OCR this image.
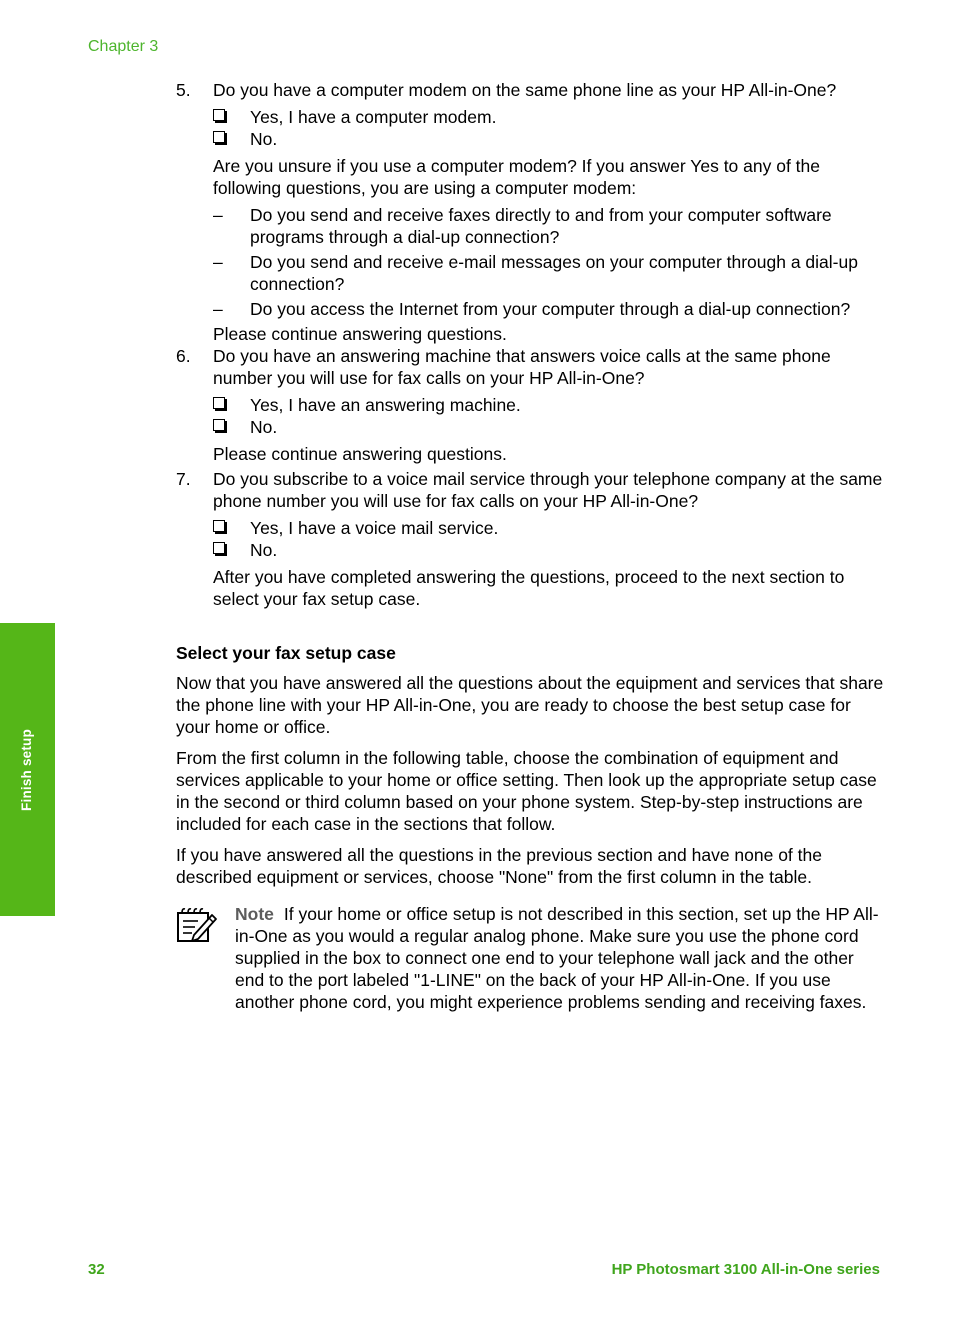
Chapter 3
Finish setup
5. Do you have a computer modem on the same phone line as your HP All-in-One?
Yes, I have a computer modem.
No.
Are you unsure if you use a computer modem? If you answer Yes to any of the following questions, you are using a computer modem:
– Do you send and receive faxes directly to and from your computer software programs through a dial-up connection?
– Do you send and receive e-mail messages on your computer through a dial-up connection?
– Do you access the Internet from your computer through a dial-up connection?
Please continue answering questions.
6. Do you have an answering machine that answers voice calls at the same phone number you will use for fax calls on your HP All-in-One?
Yes, I have an answering machine.
No.
Please continue answering questions.
7. Do you subscribe to a voice mail service through your telephone company at the same phone number you will use for fax calls on your HP All-in-One?
Yes, I have a voice mail service.
No.
After you have completed answering the questions, proceed to the next section to select your fax setup case.
Select your fax setup case
Now that you have answered all the questions about the equipment and services that share the phone line with your HP All-in-One, you are ready to choose the best setup case for your home or office.
From the first column in the following table, choose the combination of equipment and services applicable to your home or office setting. Then look up the appropriate setup case in the second or third column based on your phone system. Step-by-step instructions are included for each case in the sections that follow.
If you have answered all the questions in the previous section and have none of the described equipment or services, choose "None" from the first column in the table.
Note If your home or office setup is not described in this section, set up the HP All-in-One as you would a regular analog phone. Make sure you use the phone cord supplied in the box to connect one end to your telephone wall jack and the other end to the port labeled "1-LINE" on the back of your HP All-in-One. If you use another phone cord, you might experience problems sending and receiving faxes.
32	HP Photosmart 3100 All-in-One series
